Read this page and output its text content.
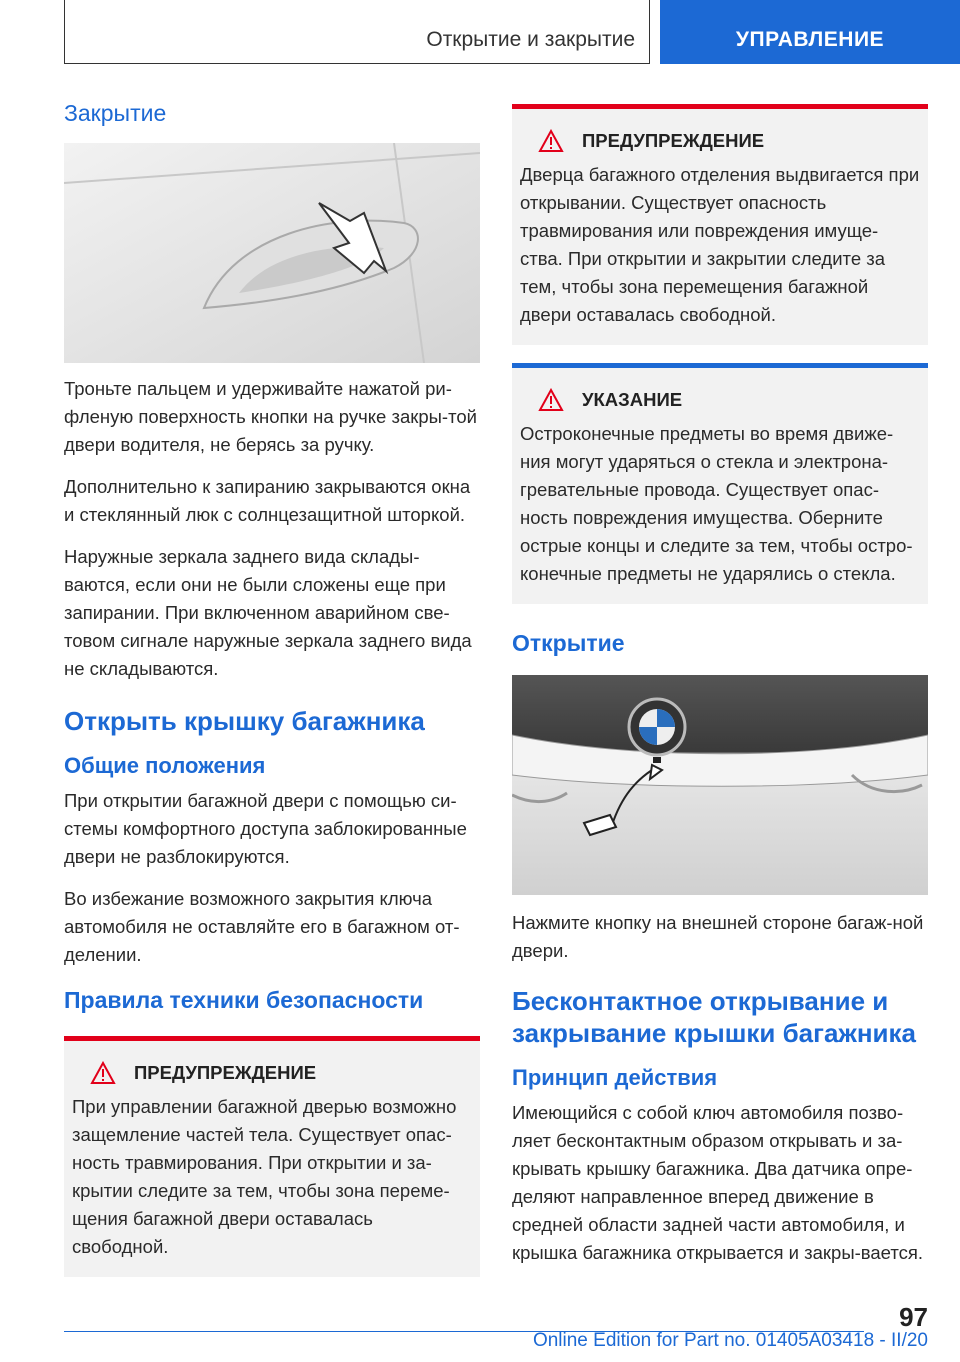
Открытие и закрытие	УПРАВЛЕНИЕ
Закрытие

Троньте пальцем и удерживайте нажатой ри-фленую поверхность кнопки на ручке закры-той двери водителя, не берясь за ручку.

Дополнительно к запиранию закрываются окна и стеклянный люк с солнцезащитной шторкой.

Наружные зеркала заднего вида склады-ваются, если они не были сложены еще при запирании. При включенном аварийном све-товом сигнале наружные зеркала заднего вида не складываются.

Открыть крышку багажника
Общие положения

При открытии багажной двери с помощью си-стемы комфортного доступа заблокированные двери не разблокируются.

Во избежание возможного закрытия ключа автомобиля не оставляйте его в багажном от-делении.

Правила техники безопасности
ПРЕДУПРЕЖДЕНИЕ

При управлении багажной дверью возможно защемление частей тела. Существует опас-ность травмирования. При открытии и за-крытии следите за тем, чтобы зона переме-щения багажной двери оставалась свободной.

ПРЕДУПРЕЖДЕНИЕ

Дверца багажного отделения выдвигается при открывании. Существует опасность травмирования или повреждения имуще-ства. При открытии и закрытии следите за тем, чтобы зона перемещения багажной двери оставалась свободной.

УКАЗАНИЕ

Остроконечные предметы во время движе-ния могут ударяться о стекла и электрона-гревательные провода. Существует опас-ность повреждения имущества. Оберните острые концы и следите за тем, чтобы остро-конечные предметы не ударялись о стекла.

Открытие

Нажмите кнопку на внешней стороне багаж-ной двери.

Бесконтактное открывание и закрывание крышки багажника
Принцип действия

Имеющийся с собой ключ автомобиля позво-ляет бесконтактным образом открывать и за-крывать крышку багажника. Два датчика опре-деляют направленное вперед движение в средней области задней части автомобиля, и крышка багажника открывается и закры-вается.

97
Online Edition for Part no. 01405A03418 - II/20
